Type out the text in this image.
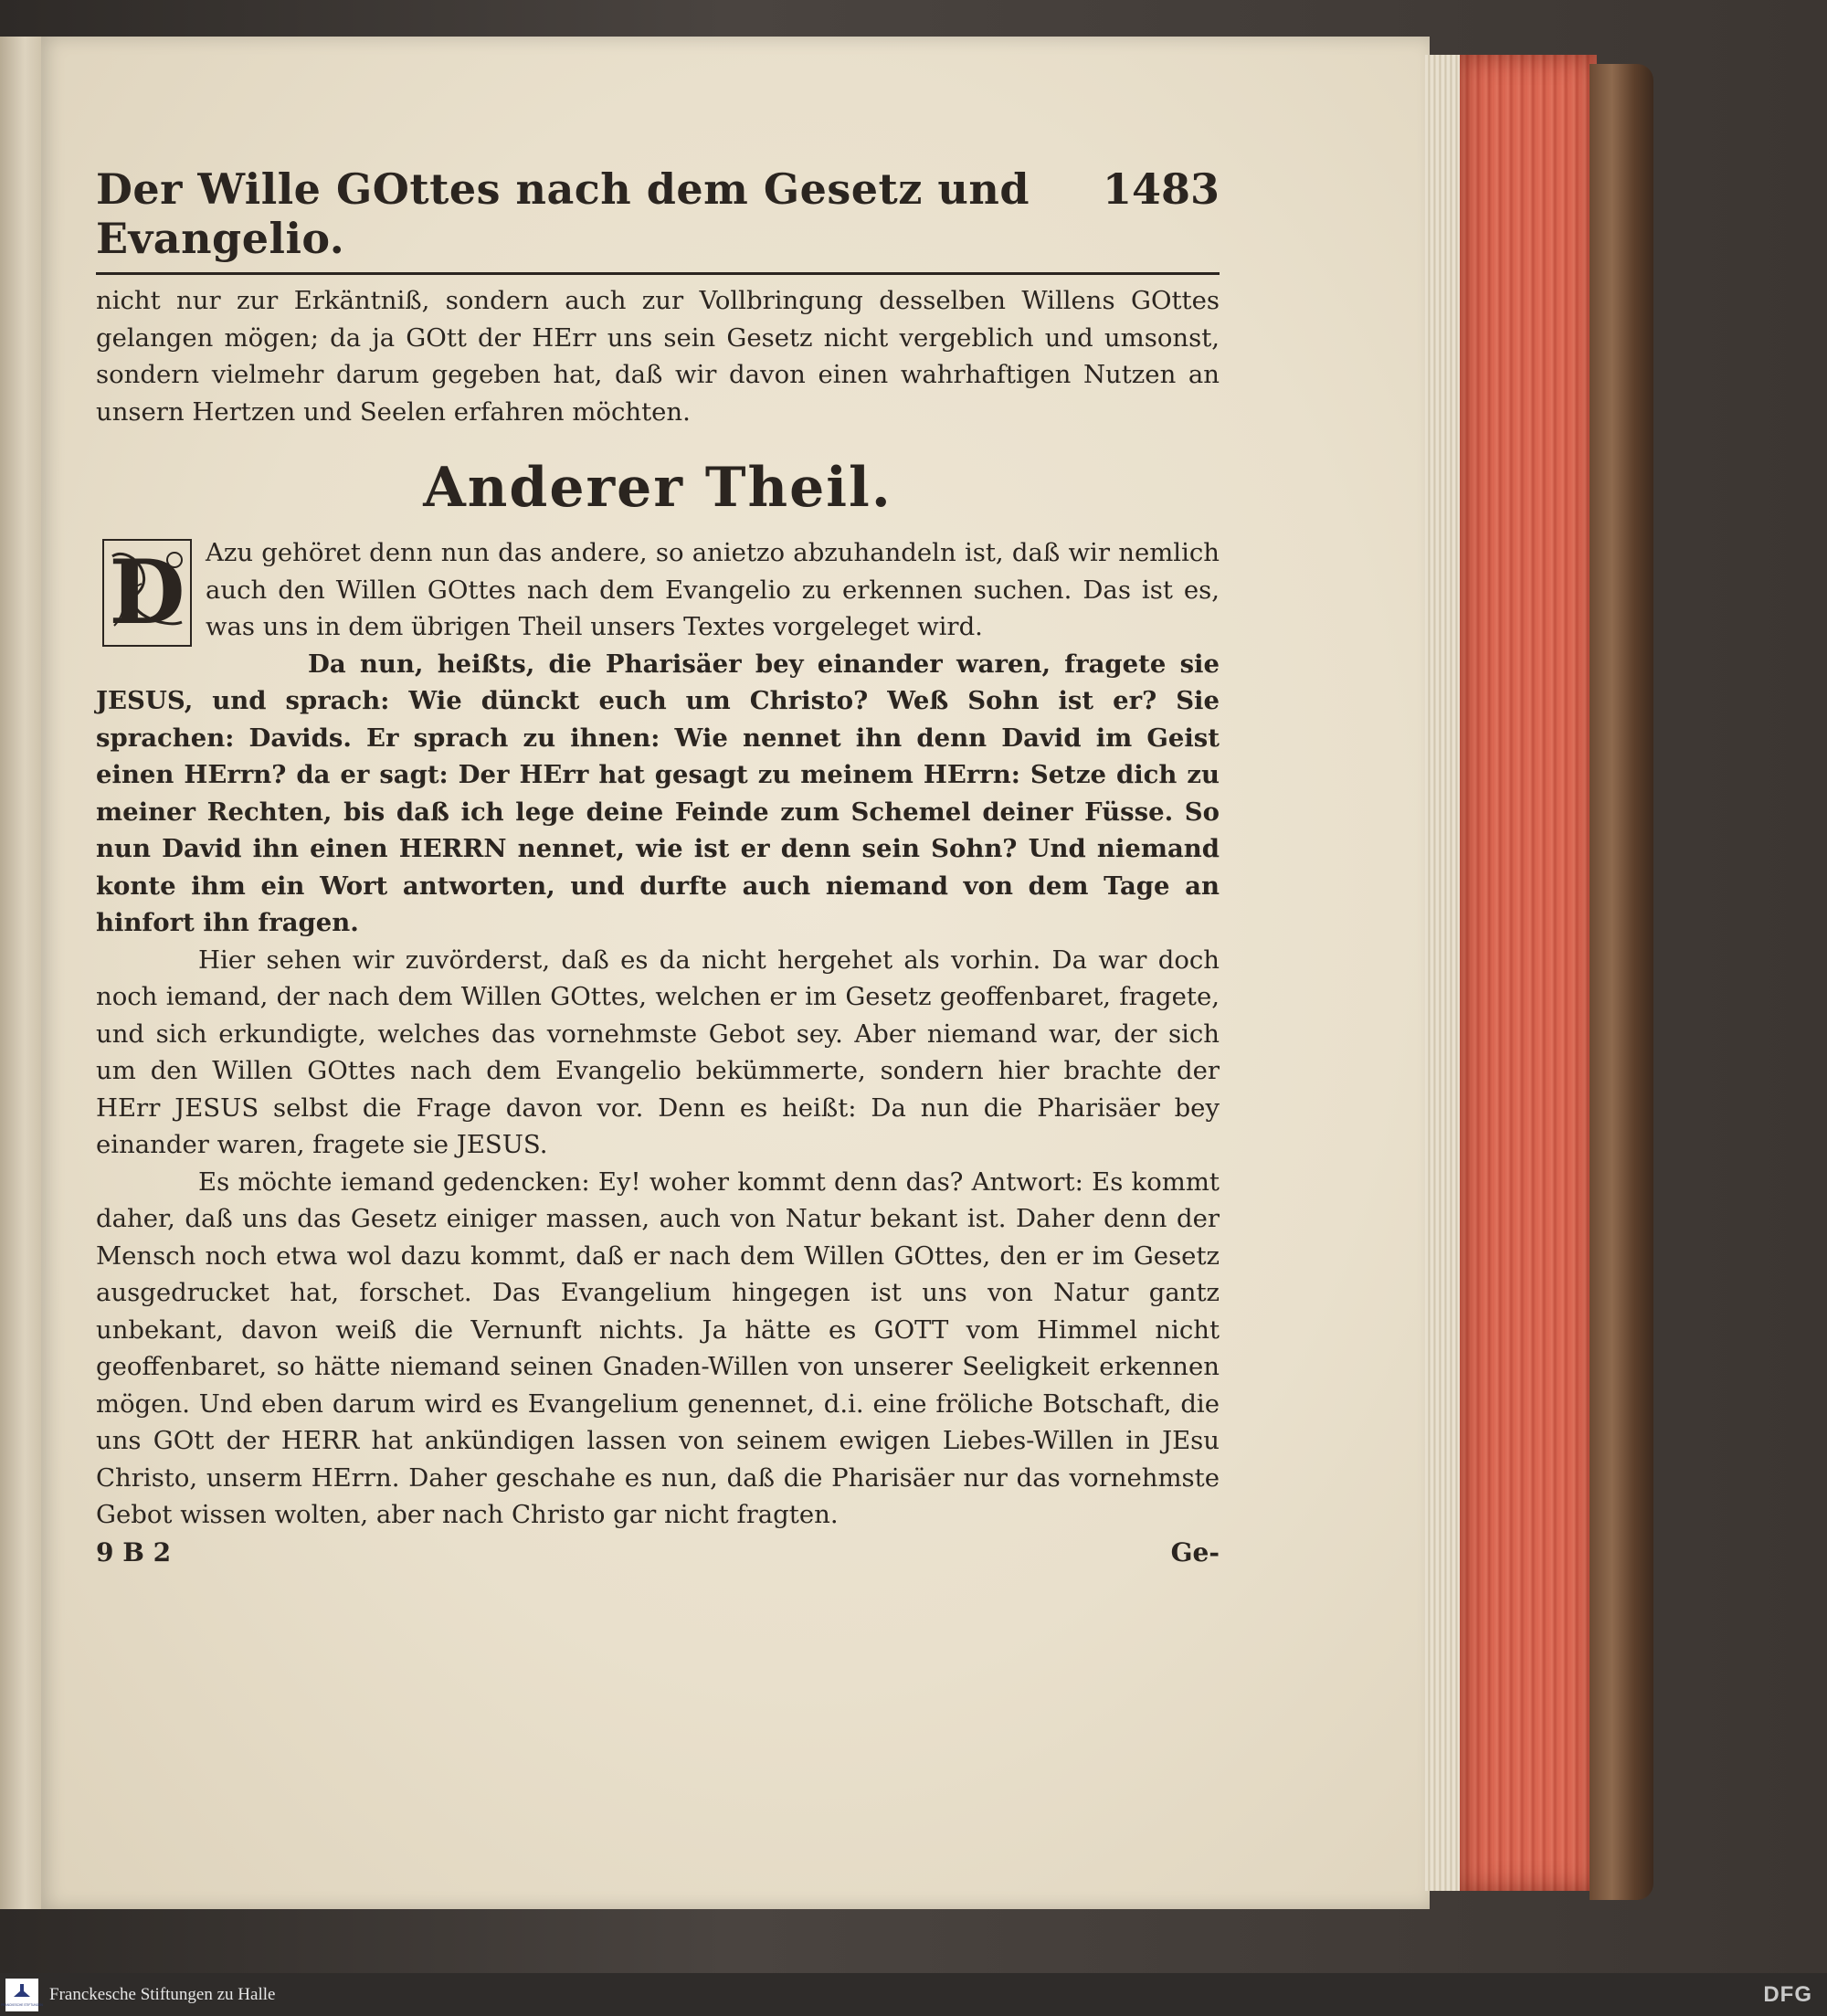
Der Wille GOttes nach dem Gesetz und Evangelio.
1483

nicht nur zur Erkäntniß, sondern auch zur Vollbringung desselben Willens GOttes gelangen mögen; da ja GOtt der HErr uns sein Gesetz nicht vergeblich und umsonst, sondern vielmehr darum gegeben hat, daß wir davon einen wahrhaftigen Nutzen an unsern Hertzen und Seelen erfahren möchten.

Anderer Theil.
D Azu gehöret denn nun das andere, so anietzo abzuhandeln ist, daß wir nemlich auch den Willen GOttes nach dem Evangelio zu erkennen suchen. Das ist es, was uns in dem übrigen Theil unsers Textes vorgeleget wird.

Da nun, heißts, die Pharisäer bey einander waren, fragete sie JESUS, und sprach: Wie dünckt euch um Christo? Weß Sohn ist er? Sie sprachen: Davids. Er sprach zu ihnen: Wie nennet ihn denn David im Geist einen HErrn? da er sagt: Der HErr hat gesagt zu meinem HErrn: Setze dich zu meiner Rechten, bis daß ich lege deine Feinde zum Schemel deiner Füsse. So nun David ihn einen HERRN nennet, wie ist er denn sein Sohn? Und niemand konte ihm ein Wort antworten, und durfte auch niemand von dem Tage an hinfort ihn fragen.

Hier sehen wir zuvörderst, daß es da nicht hergehet als vorhin. Da war doch noch iemand, der nach dem Willen GOttes, welchen er im Gesetz geoffenbaret, fragete, und sich erkundigte, welches das vornehmste Gebot sey. Aber niemand war, der sich um den Willen GOttes nach dem Evangelio bekümmerte, sondern hier brachte der HErr JESUS selbst die Frage davon vor. Denn es heißt: Da nun die Pharisäer bey einander waren, fragete sie JESUS.

Es möchte iemand gedencken: Ey! woher kommt denn das? Antwort: Es kommt daher, daß uns das Gesetz einiger massen, auch von Natur bekant ist. Daher denn der Mensch noch etwa wol dazu kommt, daß er nach dem Willen GOttes, den er im Gesetz ausgedrucket hat, forschet. Das Evangelium hingegen ist uns von Natur gantz unbekant, davon weiß die Vernunft nichts. Ja hätte es GOTT vom Himmel nicht geoffenbaret, so hätte niemand seinen Gnaden-Willen von unserer Seeligkeit erkennen mögen. Und eben darum wird es Evangelium genennet, d.i. eine fröliche Botschaft, die uns GOtt der HERR hat ankündigen lassen von seinem ewigen Liebes-Willen in JEsu Christo, unserm HErrn. Daher geschahe es nun, daß die Pharisäer nur das vornehmste Gebot wissen wolten, aber nach Christo gar nicht fragten.

9 B 2	Ge-
FRANCKESCHE STIFTUNGEN
Franckesche Stiftungen zu Halle	DFG
